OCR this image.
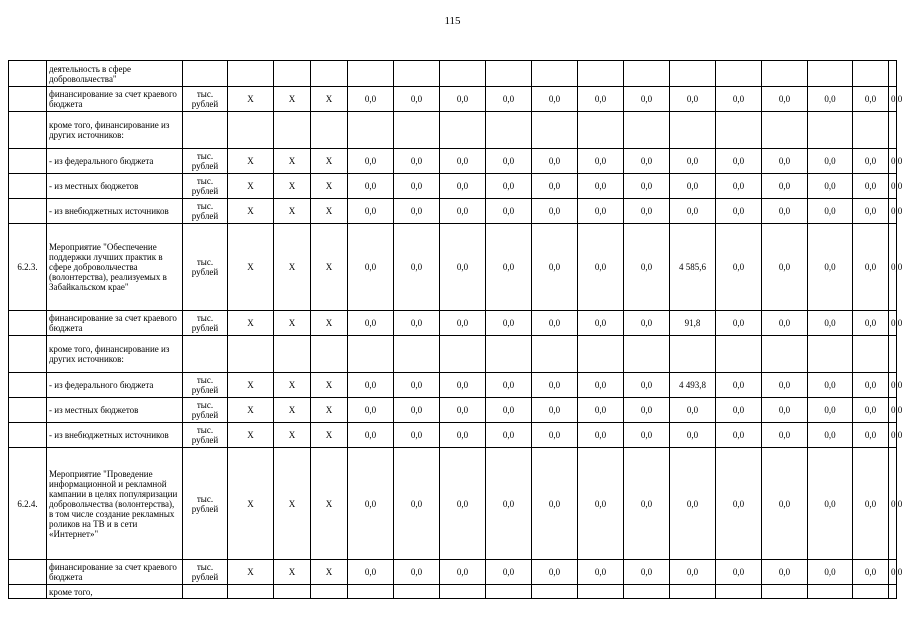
115
	деятельность в сфере добровольчества"																	
	финансирование за счет краевого бюджета	тыс. рублей	X	X	X	0,0	0,0	0,0	0,0	0,0	0,0	0,0	0,0	0,0	0,0	0,0	0,0	0,0
	кроме того, финансирование из других источников:																	
	- из федерального бюджета	тыс. рублей	X	X	X	0,0	0,0	0,0	0,0	0,0	0,0	0,0	0,0	0,0	0,0	0,0	0,0	0,0
	- из местных бюджетов	тыс. рублей	X	X	X	0,0	0,0	0,0	0,0	0,0	0,0	0,0	0,0	0,0	0,0	0,0	0,0	0,0
	- из внебюджетных источников	тыс. рублей	X	X	X	0,0	0,0	0,0	0,0	0,0	0,0	0,0	0,0	0,0	0,0	0,0	0,0	0,0
6.2.3.	Мероприятие "Обеспечение поддержки лучших практик в сфере добровольчества (волонтерства), реализуемых в Забайкальском крае"	тыс. рублей	X	X	X	0,0	0,0	0,0	0,0	0,0	0,0	0,0	4 585,6	0,0	0,0	0,0	0,0	0,0
	финансирование за счет краевого бюджета	тыс. рублей	X	X	X	0,0	0,0	0,0	0,0	0,0	0,0	0,0	91,8	0,0	0,0	0,0	0,0	0,0
	кроме того, финансирование из других источников:																	
	- из федерального бюджета	тыс. рублей	X	X	X	0,0	0,0	0,0	0,0	0,0	0,0	0,0	4 493,8	0,0	0,0	0,0	0,0	0,0
	- из местных бюджетов	тыс. рублей	X	X	X	0,0	0,0	0,0	0,0	0,0	0,0	0,0	0,0	0,0	0,0	0,0	0,0	0,0
	- из внебюджетных источников	тыс. рублей	X	X	X	0,0	0,0	0,0	0,0	0,0	0,0	0,0	0,0	0,0	0,0	0,0	0,0	0,0
6.2.4.	Мероприятие "Проведение информационной и рекламной кампании в целях популяризации добровольчества (волонтерства), в том числе создание рекламных роликов на ТВ и в сети «Интернет»"	тыс. рублей	X	X	X	0,0	0,0	0,0	0,0	0,0	0,0	0,0	0,0	0,0	0,0	0,0	0,0	0,0
	финансирование за счет краевого бюджета	тыс. рублей	X	X	X	0,0	0,0	0,0	0,0	0,0	0,0	0,0	0,0	0,0	0,0	0,0	0,0	0,0
	кроме того,																	
